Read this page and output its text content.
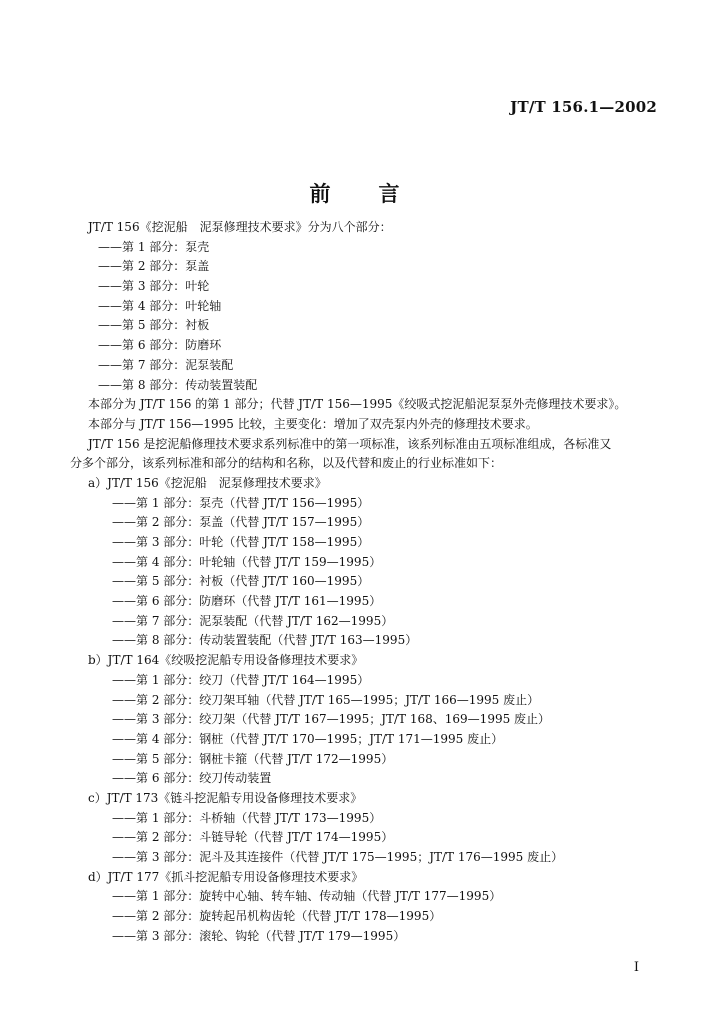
JT/T 156.1—2002
前 言
JT/T 156《挖泥船　泥泵修理技术要求》分为八个部分：
——第 1 部分：泵壳
——第 2 部分：泵盖
——第 3 部分：叶轮
——第 4 部分：叶轮轴
——第 5 部分：衬板
——第 6 部分：防磨环
——第 7 部分：泥泵装配
——第 8 部分：传动装置装配
本部分为 JT/T 156 的第 1 部分；代替 JT/T 156—1995《绞吸式挖泥船泥泵泵外壳修理技术要求》。
本部分与 JT/T 156—1995 比较，主要变化：增加了双壳泵内外壳的修理技术要求。
JT/T 156 是挖泥船修理技术要求系列标准中的第一项标准，该系列标准由五项标准组成，各标准又
分多个部分，该系列标准和部分的结构和名称，以及代替和废止的行业标准如下：
a）JT/T 156《挖泥船　泥泵修理技术要求》
——第 1 部分：泵壳（代替 JT/T 156—1995）
——第 2 部分：泵盖（代替 JT/T 157—1995）
——第 3 部分：叶轮（代替 JT/T 158—1995）
——第 4 部分：叶轮轴（代替 JT/T 159—1995）
——第 5 部分：衬板（代替 JT/T 160—1995）
——第 6 部分：防磨环（代替 JT/T 161—1995）
——第 7 部分：泥泵装配（代替 JT/T 162—1995）
——第 8 部分：传动装置装配（代替 JT/T 163—1995）
b）JT/T 164《绞吸挖泥船专用设备修理技术要求》
——第 1 部分：绞刀（代替 JT/T 164—1995）
——第 2 部分：绞刀架耳轴（代替 JT/T 165—1995；JT/T 166—1995 废止）
——第 3 部分：绞刀架（代替 JT/T 167—1995；JT/T 168、169—1995 废止）
——第 4 部分：钢桩（代替 JT/T 170—1995；JT/T 171—1995 废止）
——第 5 部分：钢桩卡箍（代替 JT/T 172—1995）
——第 6 部分：绞刀传动装置
c）JT/T 173《链斗挖泥船专用设备修理技术要求》
——第 1 部分：斗桥轴（代替 JT/T 173—1995）
——第 2 部分：斗链导轮（代替 JT/T 174—1995）
——第 3 部分：泥斗及其连接件（代替 JT/T 175—1995；JT/T 176—1995 废止）
d）JT/T 177《抓斗挖泥船专用设备修理技术要求》
——第 1 部分：旋转中心轴、转车轴、传动轴（代替 JT/T 177—1995）
——第 2 部分：旋转起吊机构齿轮（代替 JT/T 178—1995）
——第 3 部分：滚轮、钩轮（代替 JT/T 179—1995）
I
